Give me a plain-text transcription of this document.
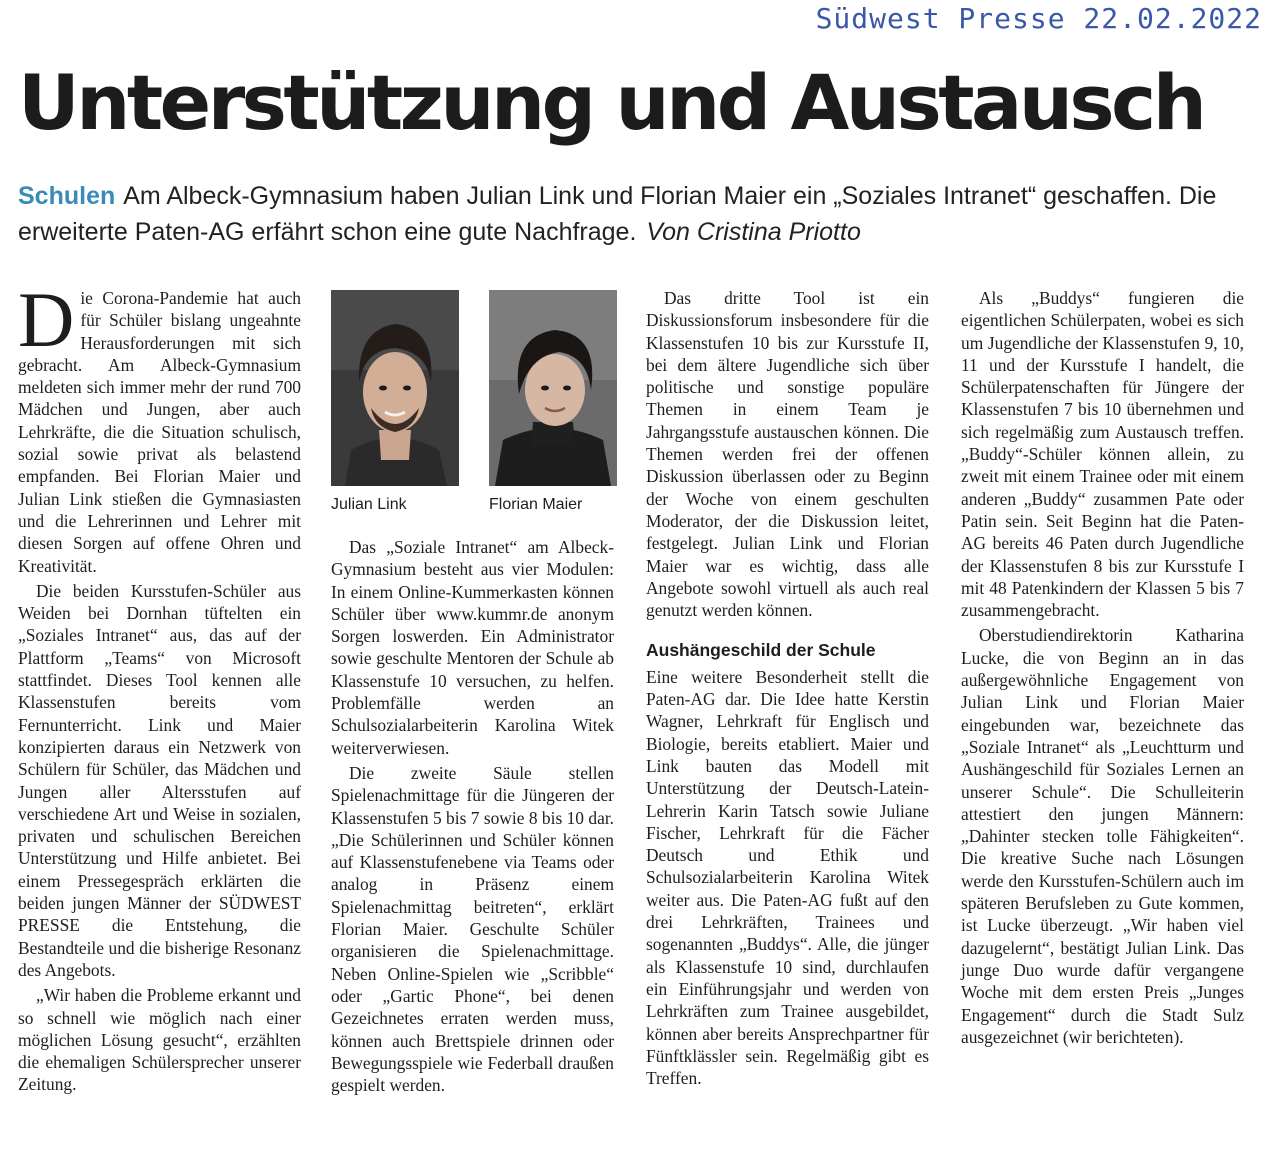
Südwest Presse 22.02.2022
Unterstützung und Austausch
Schulen Am Albeck-Gymnasium haben Julian Link und Florian Maier ein „Soziales Intranet“ geschaffen. Die erweiterte Paten-AG erfährt schon eine gute Nachfrage. Von Cristina Priotto

Die Corona-Pandemie hat auch für Schüler bislang ungeahnte Herausforderungen mit sich gebracht. Am Albeck-Gymnasium meldeten sich immer mehr der rund 700 Mädchen und Jungen, aber auch Lehrkräfte, die die Situation schulisch, sozial sowie privat als belastend empfanden. Bei Florian Maier und Julian Link stießen die Gymnasiasten und die Lehrerinnen und Lehrer mit diesen Sorgen auf offene Ohren und Kreativität.

Die beiden Kursstufen-Schüler aus Weiden bei Dornhan tüftelten ein „Soziales Intranet“ aus, das auf der Plattform „Teams“ von Microsoft stattfindet. Dieses Tool kennen alle Klassenstufen bereits vom Fernunterricht. Link und Maier konzipierten daraus ein Netzwerk von Schülern für Schüler, das Mädchen und Jungen aller Altersstufen auf verschiedene Art und Weise in sozialen, privaten und schulischen Bereichen Unterstützung und Hilfe anbietet. Bei einem Pressegespräch erklärten die beiden jungen Männer der SÜDWEST PRESSE die Entstehung, die Bestandteile und die bisherige Resonanz des Angebots.

„Wir haben die Probleme erkannt und so schnell wie möglich nach einer möglichen Lösung gesucht“, erzählten die ehemaligen Schülersprecher unserer Zeitung.

Julian Link	Florian Maier

Das „Soziale Intranet“ am Albeck-Gymnasium besteht aus vier Modulen: In einem Online-Kummerkasten können Schüler über www.kummr.de anonym Sorgen loswerden. Ein Administrator sowie geschulte Mentoren der Schule ab Klassenstufe 10 versuchen, zu helfen. Problemfälle werden an Schulsozialarbeiterin Karolina Witek weiterverwiesen.

Die zweite Säule stellen Spielenachmittage für die Jüngeren der Klassenstufen 5 bis 7 sowie 8 bis 10 dar. „Die Schülerinnen und Schüler können auf Klassenstufenebene via Teams oder analog in Präsenz einem Spielenachmittag beitreten“, erklärt Florian Maier. Geschulte Schüler organisieren die Spielenachmittage. Neben Online-Spielen wie „Scribble“ oder „Gartic Phone“, bei denen Gezeichnetes erraten werden muss, können auch Brettspiele drinnen oder Bewegungsspiele wie Federball draußen gespielt werden.

Das dritte Tool ist ein Diskussionsforum insbesondere für die Klassenstufen 10 bis zur Kursstufe II, bei dem ältere Jugendliche sich über politische und sonstige populäre Themen in einem Team je Jahrgangsstufe austauschen können. Die Themen werden frei der offenen Diskussion überlassen oder zu Beginn der Woche von einem geschulten Moderator, der die Diskussion leitet, festgelegt. Julian Link und Florian Maier war es wichtig, dass alle Angebote sowohl virtuell als auch real genutzt werden können.

Aushängeschild der Schule

Eine weitere Besonderheit stellt die Paten-AG dar. Die Idee hatte Kerstin Wagner, Lehrkraft für Englisch und Biologie, bereits etabliert. Maier und Link bauten das Modell mit Unterstützung der Deutsch-Latein-Lehrerin Karin Tatsch sowie Juliane Fischer, Lehrkraft für die Fächer Deutsch und Ethik und Schulsozialarbeiterin Karolina Witek weiter aus. Die Paten-AG fußt auf den drei Lehrkräften, Trainees und sogenannten „Buddys“. Alle, die jünger als Klassenstufe 10 sind, durchlaufen ein Einführungsjahr und werden von Lehrkräften zum Trainee ausgebildet, können aber bereits Ansprechpartner für Fünftklässler sein. Regelmäßig gibt es Treffen.

Als „Buddys“ fungieren die eigentlichen Schülerpaten, wobei es sich um Jugendliche der Klassenstufen 9, 10, 11 und der Kursstufe I handelt, die Schülerpatenschaften für Jüngere der Klassenstufen 7 bis 10 übernehmen und sich regelmäßig zum Austausch treffen. „Buddy“-Schüler können allein, zu zweit mit einem Trainee oder mit einem anderen „Buddy“ zusammen Pate oder Patin sein. Seit Beginn hat die Paten-AG bereits 46 Paten durch Jugendliche der Klassenstufen 8 bis zur Kursstufe I mit 48 Patenkindern der Klassen 5 bis 7 zusammengebracht.

Oberstudiendirektorin Katharina Lucke, die von Beginn an in das außergewöhnliche Engagement von Julian Link und Florian Maier eingebunden war, bezeichnete das „Soziale Intranet“ als „Leuchtturm und Aushängeschild für Soziales Lernen an unserer Schule“. Die Schulleiterin attestiert den jungen Männern: „Dahinter stecken tolle Fähigkeiten“. Die kreative Suche nach Lösungen werde den Kursstufen-Schülern auch im späteren Berufsleben zu Gute kommen, ist Lucke überzeugt. „Wir haben viel dazugelernt“, bestätigt Julian Link. Das junge Duo wurde dafür vergangene Woche mit dem ersten Preis „Junges Engagement“ durch die Stadt Sulz ausgezeichnet (wir berichteten).
